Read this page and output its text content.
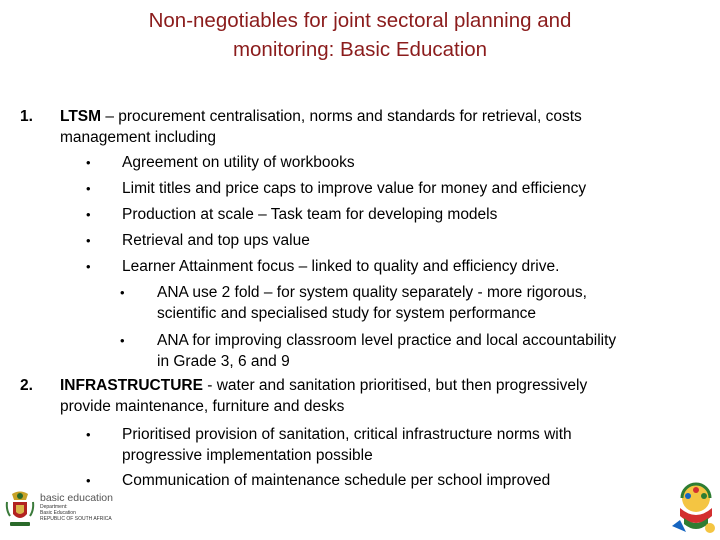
Non-negotiables for joint sectoral planning and
monitoring: Basic Education
1. LTSM – procurement centralisation, norms and standards for retrieval, costs
management including
• Agreement on utility of workbooks
• Limit titles and price caps to improve value for money and efficiency
• Production at scale – Task team for developing models
• Retrieval and top ups value
• Learner Attainment focus – linked to quality and efficiency drive.
• ANA use 2 fold – for system quality separately - more rigorous,
scientific and specialised study for system performance
• ANA for improving classroom level practice and local accountability
in Grade 3, 6 and 9
2. INFRASTRUCTURE - water and sanitation prioritised, but then progressively
provide maintenance, furniture and desks
• Prioritised provision of sanitation, critical infrastructure norms with
progressive implementation possible
• Communication of maintenance schedule per school improved
basic education
Department:
Basic Education
REPUBLIC OF SOUTH AFRICA
